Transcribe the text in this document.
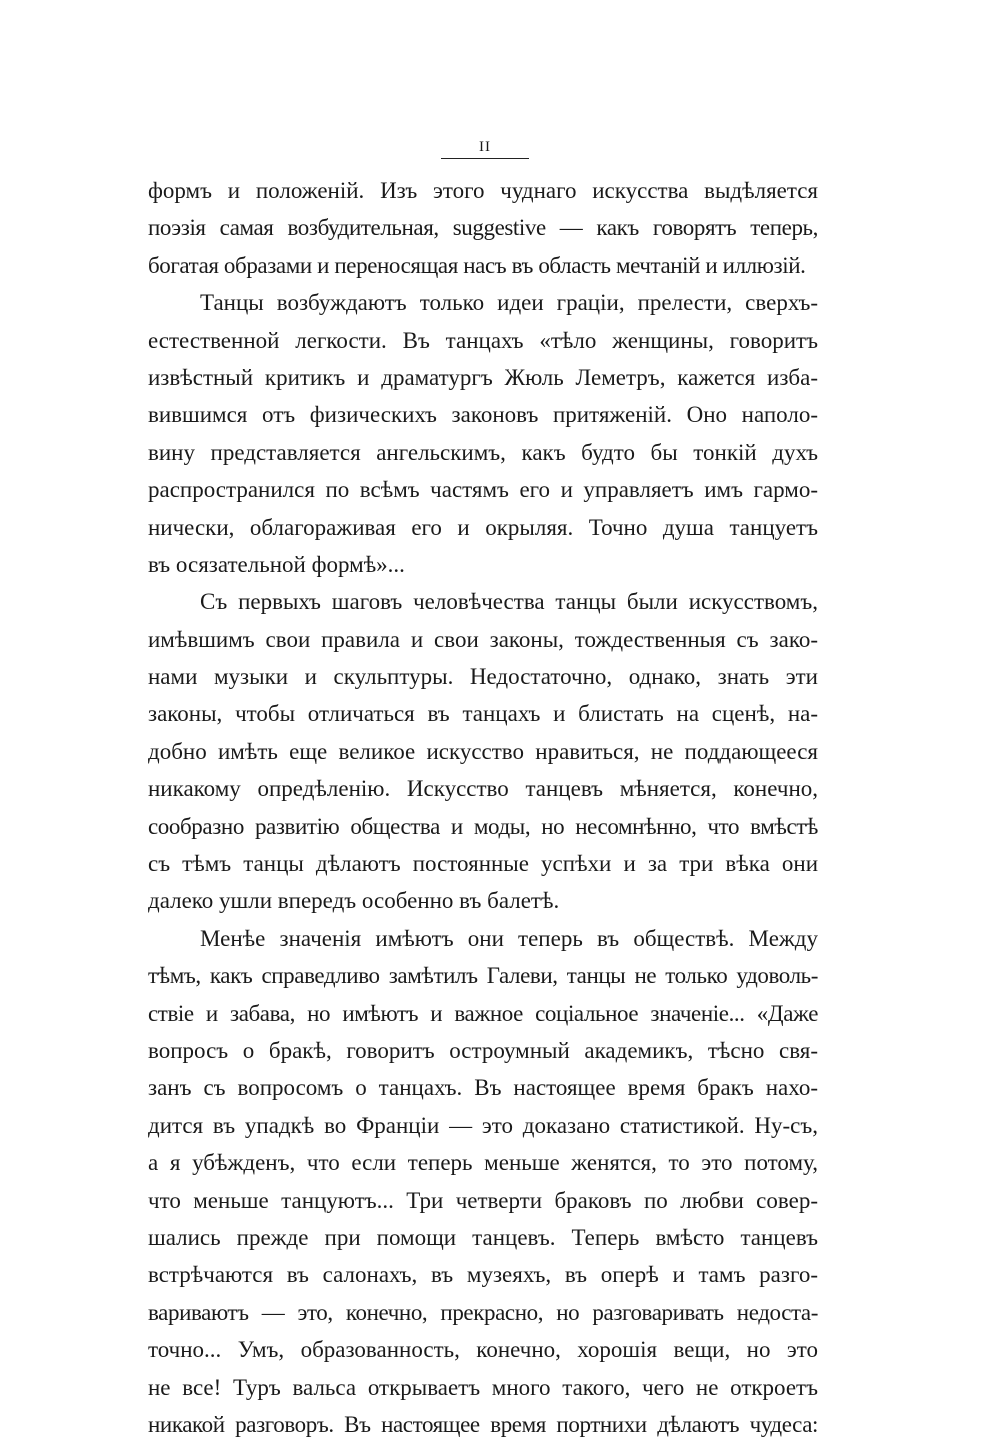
II
формъ и положеній. Изъ этого чуднаго искусства выдѣляется
поэзія самая возбудительная, suggestive — какъ говорятъ теперь,
богатая образами и переносящая насъ въ область мечтаній и иллюзій.
Танцы возбуждаютъ только идеи граціи, прелести, сверхъ-
естественной легкости. Въ танцахъ «тѣло женщины, говоритъ
извѣстный критикъ и драматургъ Жюль Леметръ, кажется изба-
вившимся отъ физическихъ законовъ притяженій. Оно наполо-
вину представляется ангельскимъ, какъ будто бы тонкій духъ
распространился по всѣмъ частямъ его и управляетъ имъ гармо-
нически, облагораживая его и окрыляя. Точно душа танцуетъ
въ осязательной формѣ»...
Съ первыхъ шаговъ человѣчества танцы были искусствомъ,
имѣвшимъ свои правила и свои законы, тождественныя съ зако-
нами музыки и скульптуры. Недостаточно, однако, знать эти
законы, чтобы отличаться въ танцахъ и блистать на сценѣ, на-
добно имѣть еще великое искусство нравиться, не поддающееся
никакому опредѣленію. Искусство танцевъ мѣняется, конечно,
сообразно развитію общества и моды, но несомнѣнно, что вмѣстѣ
съ тѣмъ танцы дѣлаютъ постоянные успѣхи и за три вѣка они
далеко ушли впередъ особенно въ балетѣ.
Менѣе значенія имѣютъ они теперь въ обществѣ. Между
тѣмъ, какъ справедливо замѣтилъ Галеви, танцы не только удоволь-
ствіе и забава, но имѣютъ и важное соціальное значеніе... «Даже
вопросъ о бракѣ, говоритъ остроумный академикъ, тѣсно свя-
занъ съ вопросомъ о танцахъ. Въ настоящее время бракъ нахо-
дится въ упадкѣ во Франціи — это доказано статистикой. Ну-съ,
а я убѣжденъ, что если теперь меньше женятся, то это потому,
что меньше танцуютъ... Три четверти браковъ по любви совер-
шались прежде при помощи танцевъ. Теперь вмѣсто танцевъ
встрѣчаются въ салонахъ, въ музеяхъ, въ оперѣ и тамъ разго-
вариваютъ — это, конечно, прекрасно, но разговаривать недоста-
точно... Умъ, образованность, конечно, хорошія вещи, но это
не все! Туръ вальса открываетъ много такого, чего не откроетъ
никакой разговоръ. Въ настоящее время портнихи дѣлаютъ чудеса:
